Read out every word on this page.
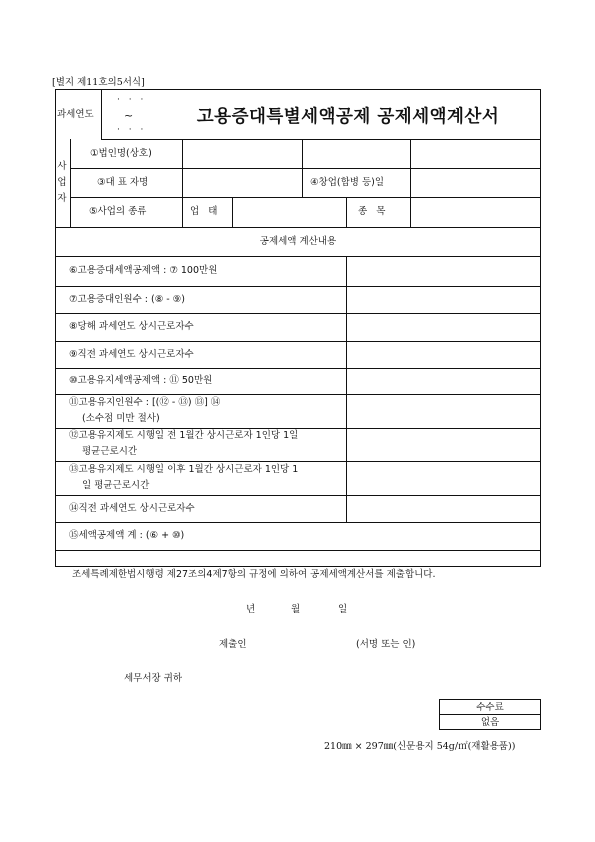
[별지 제11호의5서식]
과세연도
· · ·
~
· · ·
고용증대특별세액공제 공제세액계산서
사
업
자
①법인명(상호)
③대 표 자명	④창업(합병 등)일
⑤사업의 종류	업 태	종 목
공제세액 계산내용
⑥고용증대세액공제액 : ⑦ 100만원
⑦고용증대인원수 : (⑧ - ⑨)
⑧당해 과세연도 상시근로자수
⑨직전 과세연도 상시근로자수
⑩고용유지세액공제액 : ⑪ 50만원
⑪고용유지인원수 : [(⑫ - ⑬) ⑬] ⑭
(소수점 미만 절사)
⑫고용유지제도 시행일 전 1월간 상시근로자 1인당 1일
평균근로시간
⑬고용유지제도 시행일 이후 1월간 상시근로자 1인당 1
일 평균근로시간
⑭직전 과세연도 상시근로자수
⑮세액공제액 계 : (⑥ + ⑩)
조세특례제한법시행령 제27조의4제7항의 규정에 의하여 공제세액계산서를 제출합니다.
년	월	일
제출인	(서명 또는 인)
세무서장 귀하
수수료
없음
210㎜ × 297㎜(신문용지 54g/㎡(재활용품))
